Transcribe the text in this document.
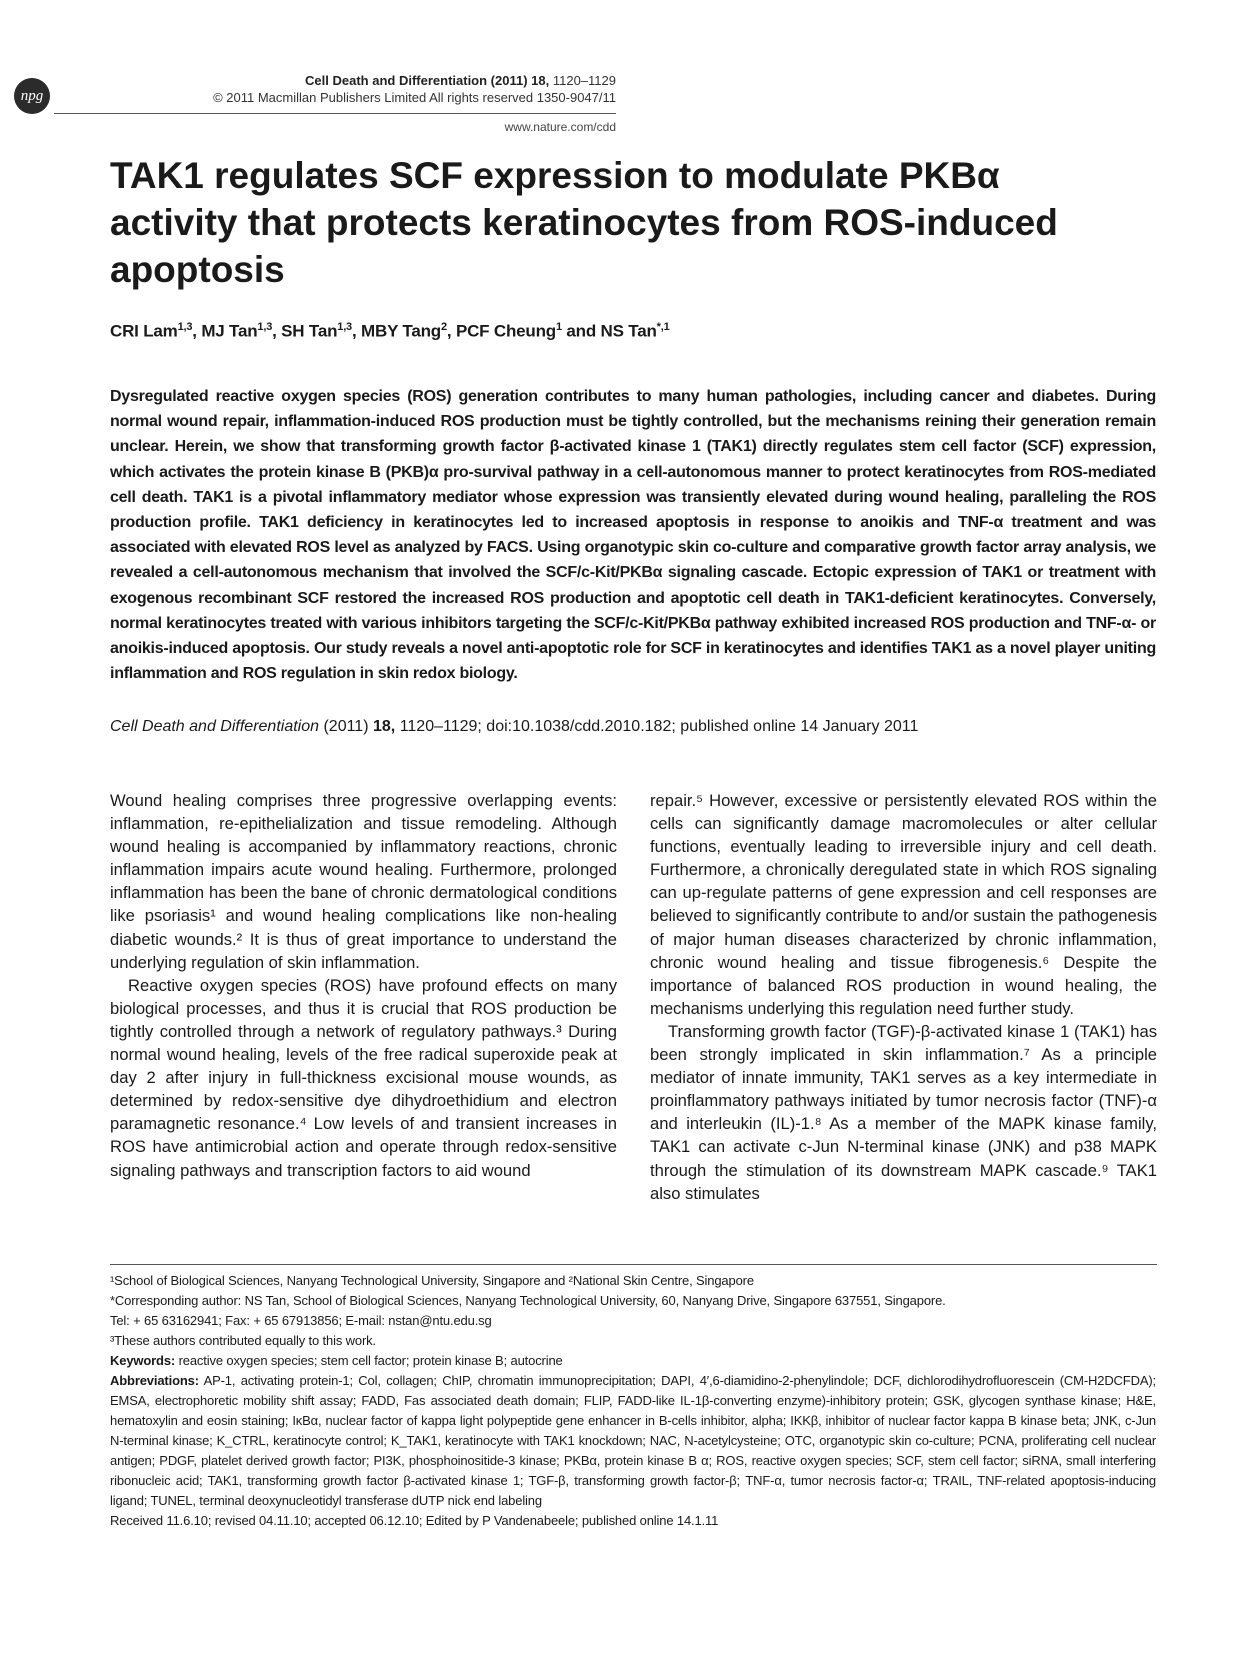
npg
Cell Death and Differentiation (2011) 18, 1120–1129
© 2011 Macmillan Publishers Limited All rights reserved 1350-9047/11
www.nature.com/cdd
TAK1 regulates SCF expression to modulate PKBα activity that protects keratinocytes from ROS-induced apoptosis
CRI Lam$^{1,3}$, MJ Tan$^{1,3}$, SH Tan$^{1,3}$, MBY Tang$^2$, PCF Cheung$^1$ and NS Tan$^{*,1}$
Dysregulated reactive oxygen species (ROS) generation contributes to many human pathologies, including cancer and diabetes. During normal wound repair, inflammation-induced ROS production must be tightly controlled, but the mechanisms reining their generation remain unclear. Herein, we show that transforming growth factor β-activated kinase 1 (TAK1) directly regulates stem cell factor (SCF) expression, which activates the protein kinase B (PKB)α pro-survival pathway in a cell-autonomous manner to protect keratinocytes from ROS-mediated cell death. TAK1 is a pivotal inflammatory mediator whose expression was transiently elevated during wound healing, paralleling the ROS production profile. TAK1 deficiency in keratinocytes led to increased apoptosis in response to anoikis and TNF-α treatment and was associated with elevated ROS level as analyzed by FACS. Using organotypic skin co-culture and comparative growth factor array analysis, we revealed a cell-autonomous mechanism that involved the SCF/c-Kit/PKBα signaling cascade. Ectopic expression of TAK1 or treatment with exogenous recombinant SCF restored the increased ROS production and apoptotic cell death in TAK1-deficient keratinocytes. Conversely, normal keratinocytes treated with various inhibitors targeting the SCF/c-Kit/PKBα pathway exhibited increased ROS production and TNF-α- or anoikis-induced apoptosis. Our study reveals a novel anti-apoptotic role for SCF in keratinocytes and identifies TAK1 as a novel player uniting inflammation and ROS regulation in skin redox biology.
Cell Death and Differentiation (2011) 18, 1120–1129; doi:10.1038/cdd.2010.182; published online 14 January 2011

Wound healing comprises three progressive overlapping events: inflammation, re-epithelialization and tissue remodeling. Although wound healing is accompanied by inflammatory reactions, chronic inflammation impairs acute wound healing. Furthermore, prolonged inflammation has been the bane of chronic dermatological conditions like psoriasis¹ and wound healing complications like non-healing diabetic wounds.² It is thus of great importance to understand the underlying regulation of skin inflammation.

Reactive oxygen species (ROS) have profound effects on many biological processes, and thus it is crucial that ROS production be tightly controlled through a network of regulatory pathways.³ During normal wound healing, levels of the free radical superoxide peak at day 2 after injury in full-thickness excisional mouse wounds, as determined by redox-sensitive dye dihydroethidium and electron paramagnetic resonance.⁴ Low levels of and transient increases in ROS have antimicrobial action and operate through redox-sensitive signaling pathways and transcription factors to aid wound

repair.⁵ However, excessive or persistently elevated ROS within the cells can significantly damage macromolecules or alter cellular functions, eventually leading to irreversible injury and cell death. Furthermore, a chronically deregulated state in which ROS signaling can up-regulate patterns of gene expression and cell responses are believed to significantly contribute to and/or sustain the pathogenesis of major human diseases characterized by chronic inflammation, chronic wound healing and tissue fibrogenesis.⁶ Despite the importance of balanced ROS production in wound healing, the mechanisms underlying this regulation need further study.

Transforming growth factor (TGF)-β-activated kinase 1 (TAK1) has been strongly implicated in skin inflammation.⁷ As a principle mediator of innate immunity, TAK1 serves as a key intermediate in proinflammatory pathways initiated by tumor necrosis factor (TNF)-α and interleukin (IL)-1.⁸ As a member of the MAPK kinase family, TAK1 can activate c-Jun N-terminal kinase (JNK) and p38 MAPK through the stimulation of its downstream MAPK cascade.⁹ TAK1 also stimulates

¹School of Biological Sciences, Nanyang Technological University, Singapore and ²National Skin Centre, Singapore

*Corresponding author: NS Tan, School of Biological Sciences, Nanyang Technological University, 60, Nanyang Drive, Singapore 637551, Singapore.

Tel: + 65 63162941; Fax: + 65 67913856; E-mail: nstan@ntu.edu.sg

³These authors contributed equally to this work.

Keywords: reactive oxygen species; stem cell factor; protein kinase B; autocrine

Abbreviations: AP-1, activating protein-1; Col, collagen; ChIP, chromatin immunoprecipitation; DAPI, 4′,6-diamidino-2-phenylindole; DCF, dichlorodihydrofluorescein (CM-H2DCFDA); EMSA, electrophoretic mobility shift assay; FADD, Fas associated death domain; FLIP, FADD-like IL-1β-converting enzyme)-inhibitory protein; GSK, glycogen synthase kinase; H&E, hematoxylin and eosin staining; IκBα, nuclear factor of kappa light polypeptide gene enhancer in B-cells inhibitor, alpha; IKKβ, inhibitor of nuclear factor kappa B kinase beta; JNK, c-Jun N-terminal kinase; K_CTRL, keratinocyte control; K_TAK1, keratinocyte with TAK1 knockdown; NAC, N-acetylcysteine; OTC, organotypic skin co-culture; PCNA, proliferating cell nuclear antigen; PDGF, platelet derived growth factor; PI3K, phosphoinositide-3 kinase; PKBα, protein kinase B α; ROS, reactive oxygen species; SCF, stem cell factor; siRNA, small interfering ribonucleic acid; TAK1, transforming growth factor β-activated kinase 1; TGF-β, transforming growth factor-β; TNF-α, tumor necrosis factor-α; TRAIL, TNF-related apoptosis-inducing ligand; TUNEL, terminal deoxynucleotidyl transferase dUTP nick end labeling

Received 11.6.10; revised 04.11.10; accepted 06.12.10; Edited by P Vandenabeele; published online 14.1.11
